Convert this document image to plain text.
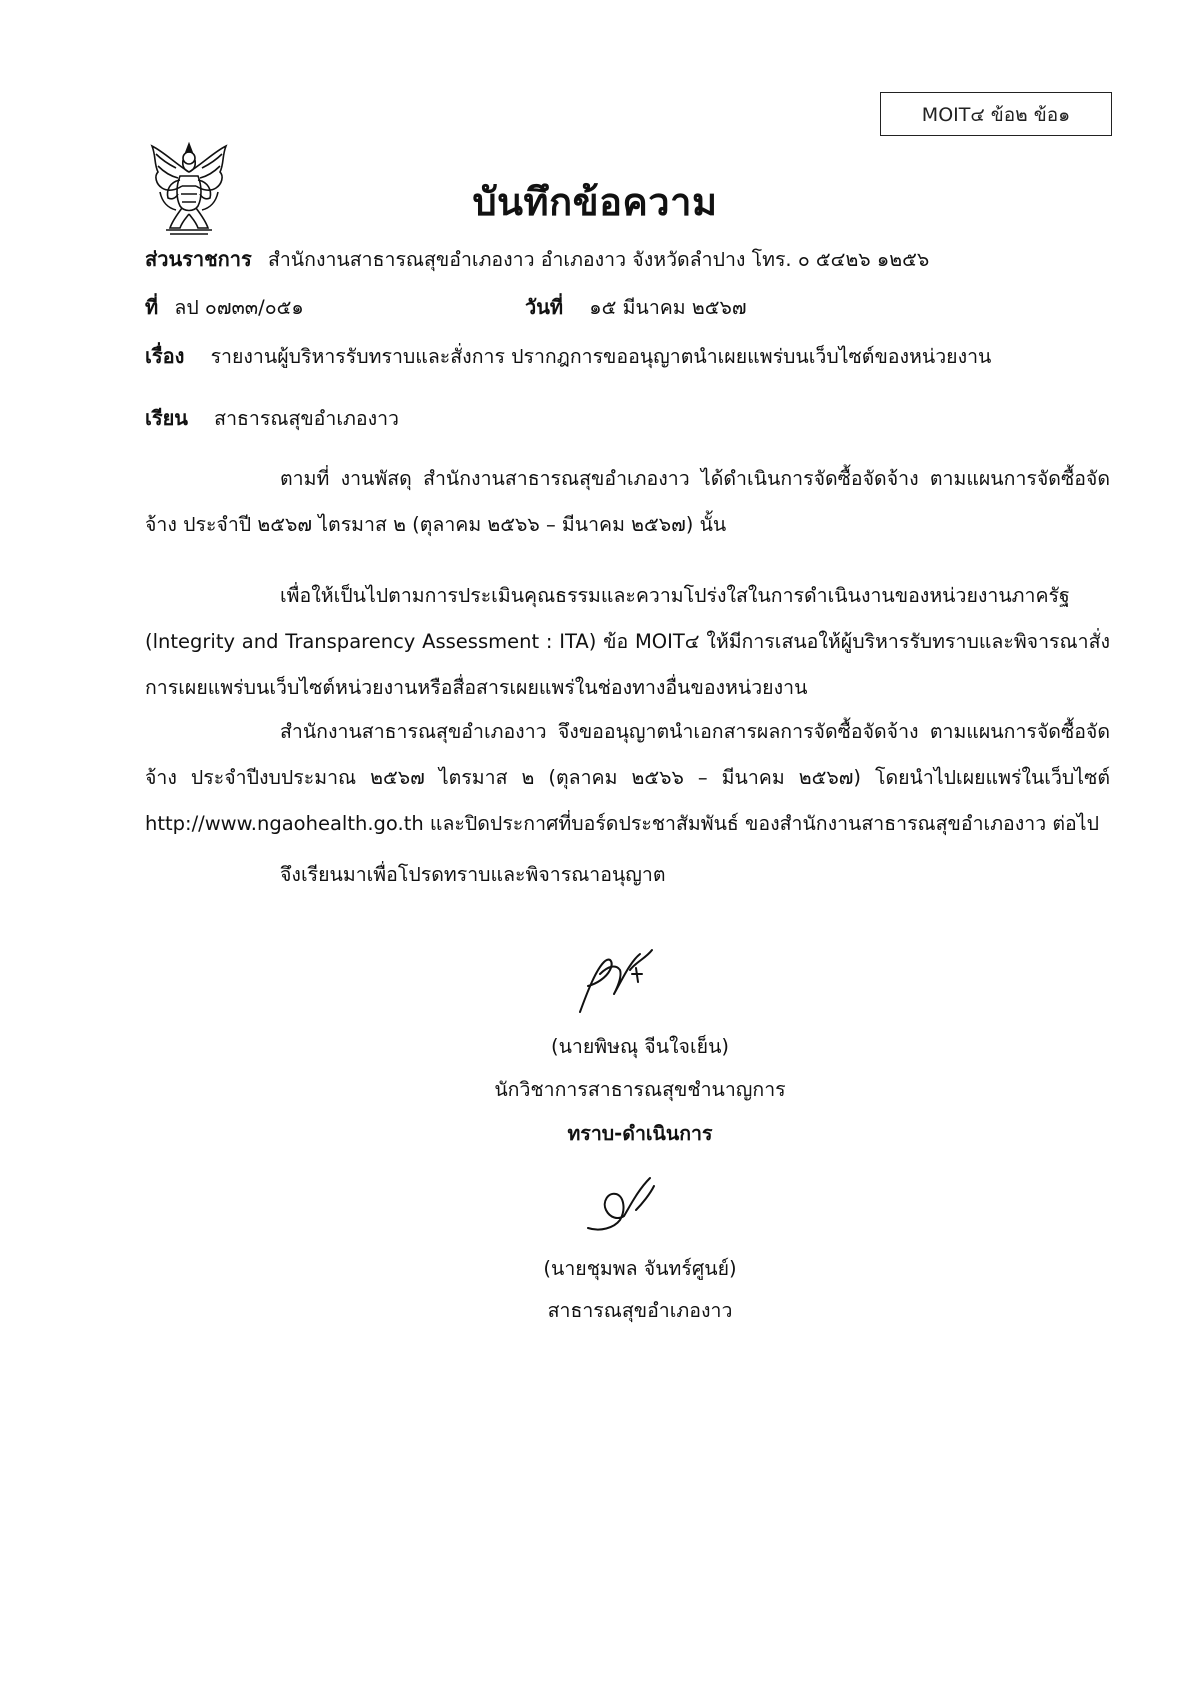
MOIT๔ ข้อ๒ ข้อ๑
บันทึกข้อความ
ส่วนราชการ สำนักงานสาธารณสุขอำเภองาว อำเภองาว จังหวัดลำปาง โทร. ๐ ๕๔๒๖ ๑๒๕๖
ที่ ลป ๐๗๓๓/๐๕๑	วันที่ ๑๕ มีนาคม ๒๕๖๗
เรื่อง รายงานผู้บริหารรับทราบและสั่งการ ปรากฎการขออนุญาตนำเผยแพร่บนเว็บไซต์ของหน่วยงาน
เรียน สาธารณสุขอำเภองาว
ตามที่ งานพัสดุ สำนักงานสาธารณสุขอำเภองาว ได้ดำเนินการจัดซื้อจัดจ้าง ตามแผนการจัดซื้อจัดจ้าง ประจำปี ๒๕๖๗ ไตรมาส ๒ (ตุลาคม ๒๕๖๖ – มีนาคม ๒๕๖๗) นั้น
เพื่อให้เป็นไปตามการประเมินคุณธรรมและความโปร่งใสในการดำเนินงานของหน่วยงานภาครัฐ (lntegrity and Transparency Assessment : ITA) ข้อ MOIT๔ ให้มีการเสนอให้ผู้บริหารรับทราบและพิจารณาสั่งการเผยแพร่บนเว็บไซต์หน่วยงานหรือสื่อสารเผยแพร่ในช่องทางอื่นของหน่วยงาน
สำนักงานสาธารณสุขอำเภองาว จึงขออนุญาตนำเอกสารผลการจัดซื้อจัดจ้าง ตามแผนการจัดซื้อจัดจ้าง ประจำปีงบประมาณ ๒๕๖๗ ไตรมาส ๒ (ตุลาคม ๒๕๖๖ – มีนาคม ๒๕๖๗) โดยนำไปเผยแพร่ในเว็บไซต์ http://www.ngaohealth.go.th และปิดประกาศที่บอร์ดประชาสัมพันธ์ ของสำนักงานสาธารณสุขอำเภองาว ต่อไป
จึงเรียนมาเพื่อโปรดทราบและพิจารณาอนุญาต
(นายพิษณุ จีนใจเย็น)
นักวิชาการสาธารณสุขชำนาญการ
ทราบ-ดำเนินการ
(นายชุมพล จันทร์ศูนย์)
สาธารณสุขอำเภองาว
